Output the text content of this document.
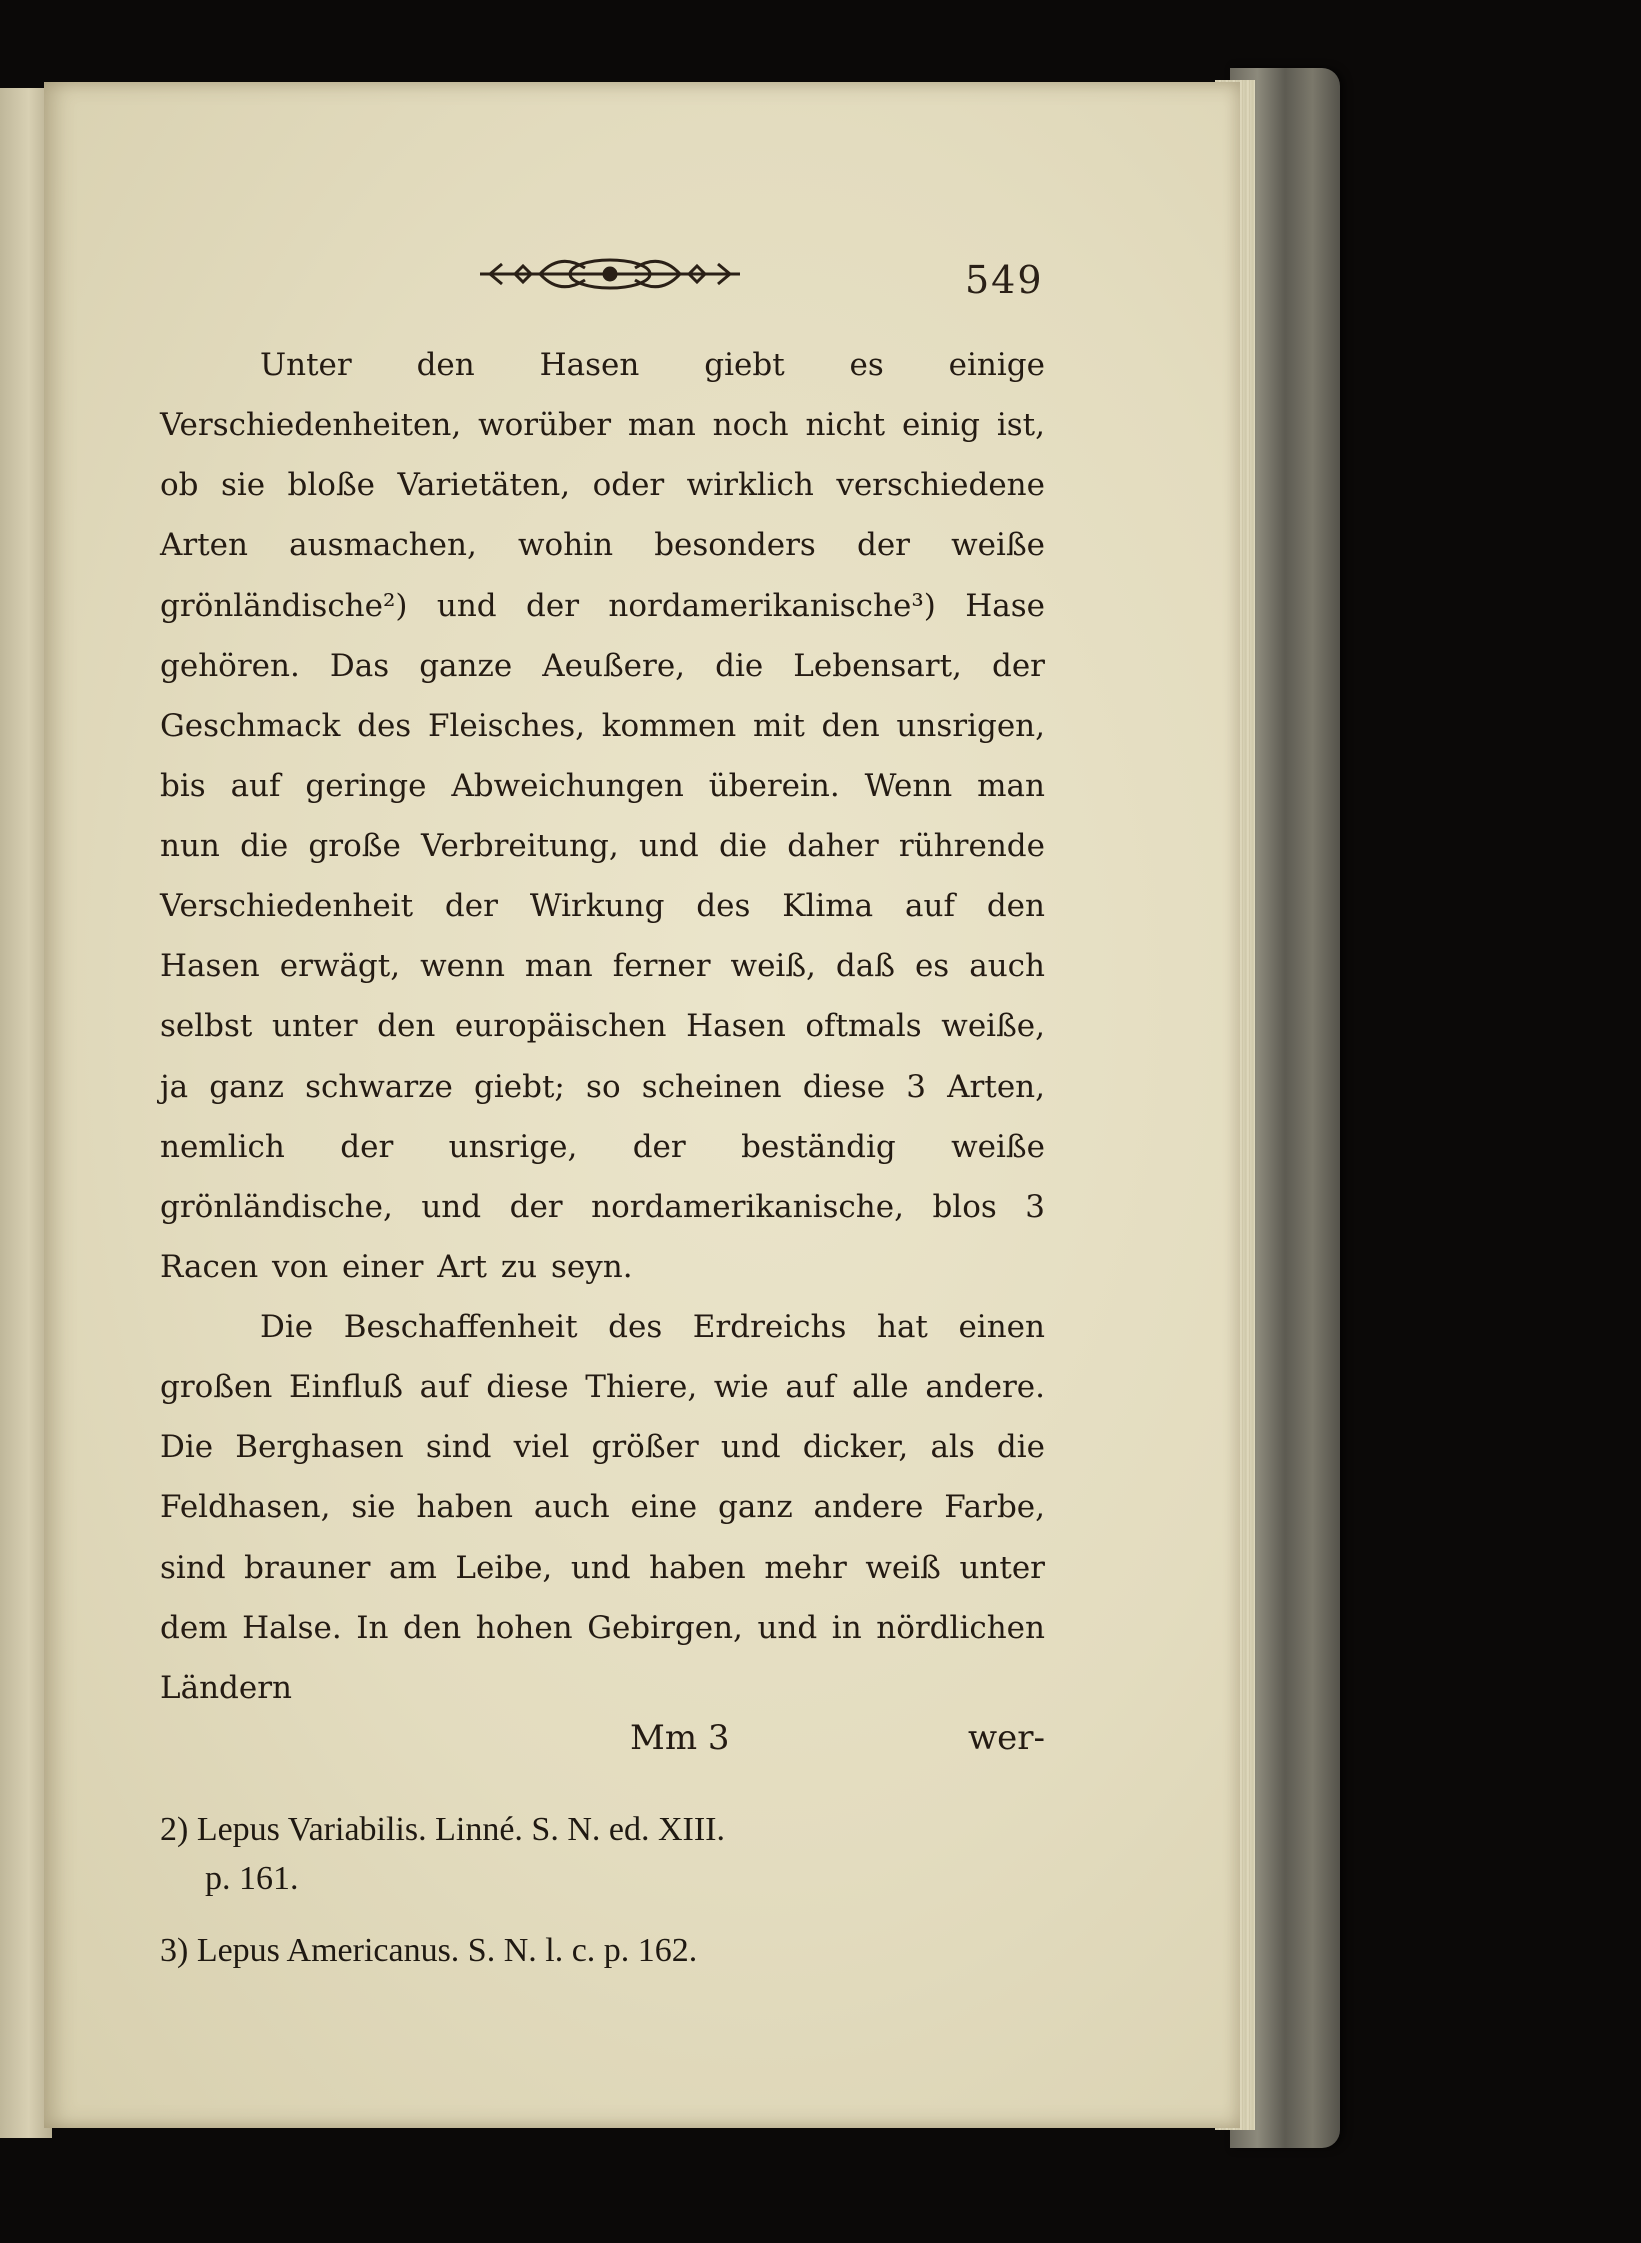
549

Unter den Hasen giebt es einige Verschiedenheiten, worüber man noch nicht einig ist, ob sie bloße Varietäten, oder wirklich verschiedene Arten ausmachen, wohin besonders der weiße grönländische²) und der nordamerikanische³) Hase gehören. Das ganze Aeußere, die Lebensart, der Geschmack des Fleisches, kommen mit den unsrigen, bis auf geringe Abweichungen überein. Wenn man nun die große Verbreitung, und die daher rührende Verschiedenheit der Wirkung des Klima auf den Hasen erwägt, wenn man ferner weiß, daß es auch selbst unter den europäischen Hasen oftmals weiße, ja ganz schwarze giebt; so scheinen diese 3 Arten, nemlich der unsrige, der beständig weiße grönländische, und der nordamerikanische, blos 3 Racen von einer Art zu seyn.

Die Beschaffenheit des Erdreichs hat einen großen Einfluß auf diese Thiere, wie auf alle andere. Die Berghasen sind viel größer und dicker, als die Feldhasen, sie haben auch eine ganz andere Farbe, sind brauner am Leibe, und haben mehr weiß unter dem Halse. In den hohen Gebirgen, und in nördlichen Ländern

Mm 3	wer-

2) Lepus Variabilis. Linné. S. N. ed. XIII.
p. 161.

3) Lepus Americanus. S. N. l. c. p. 162.
